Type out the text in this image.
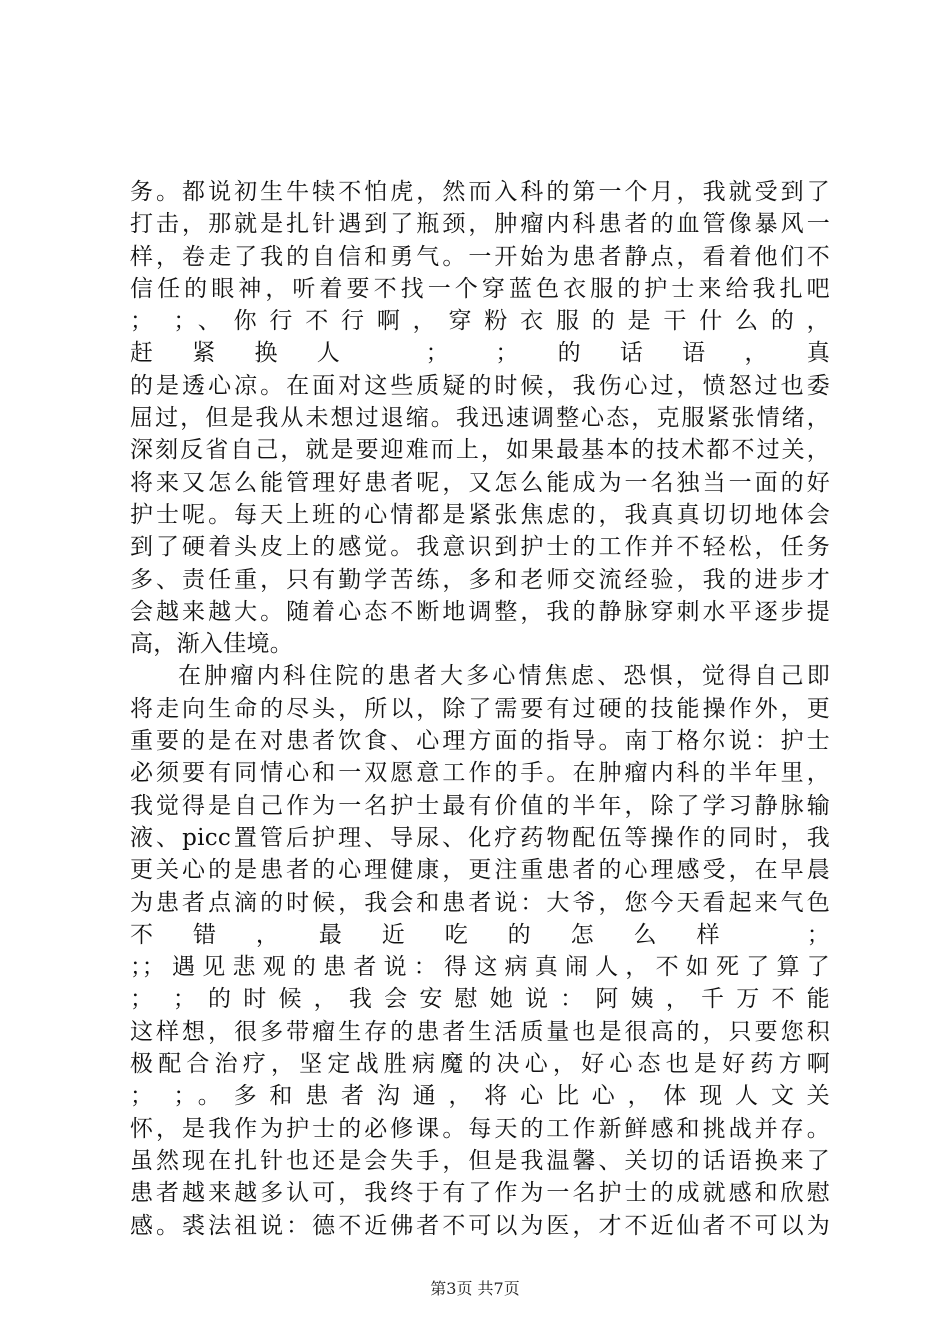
务。都说初生牛犊不怕虎，然而入科的第一个月，我就受到了
打击，那就是扎针遇到了瓶颈，肿瘤内科患者的血管像暴风一
样，卷走了我的自信和勇气。一开始为患者静点，看着他们不
信任的眼神，听着要不找一个穿蓝色衣服的护士来给我扎吧
； ；、你行不行啊，穿粉衣服的是干什么的，
赶紧换人 ； ；的话语，真
的是透心凉。在面对这些质疑的时候，我伤心过，愤怒过也委
屈过，但是我从未想过退缩。我迅速调整心态，克服紧张情绪，
深刻反省自己，就是要迎难而上，如果最基本的技术都不过关，
将来又怎么能管理好患者呢，又怎么能成为一名独当一面的好
护士呢。每天上班的心情都是紧张焦虑的，我真真切切地体会
到了硬着头皮上的感觉。我意识到护士的工作并不轻松，任务
多、责任重，只有勤学苦练，多和老师交流经验，我的进步才
会越来越大。随着心态不断地调整，我的静脉穿刺水平逐步提
高，渐入佳境。
在肿瘤内科住院的患者大多心情焦虑、恐惧，觉得自己即
将走向生命的尽头，所以，除了需要有过硬的技能操作外，更
重要的是在对患者饮食、心理方面的指导。南丁格尔说：护士
必须要有同情心和一双愿意工作的手。在肿瘤内科的半年里，
我觉得是自己作为一名护士最有价值的半年，除了学习静脉输
液、picc置管后护理、导尿、化疗药物配伍等操作的同时，我
更关心的是患者的心理健康，更注重患者的心理感受，在早晨
为患者点滴的时候，我会和患者说：大爷，您今天看起来气色
不错，最近吃的怎么样 ；
；；遇见悲观的患者说：得这病真闹人，不如死了算了
； ；的时候，我会安慰她说：阿姨，千万不能
这样想，很多带瘤生存的患者生活质量也是很高的，只要您积
极配合治疗，坚定战胜病魔的决心，好心态也是好药方啊
； ；。多和患者沟通，将心比心，体现人文关
怀，是我作为护士的必修课。每天的工作新鲜感和挑战并存。
虽然现在扎针也还是会失手，但是我温馨、关切的话语换来了
患者越来越多认可，我终于有了作为一名护士的成就感和欣慰
感。裘法祖说：德不近佛者不可以为医，才不近仙者不可以为
第3页 共7页
